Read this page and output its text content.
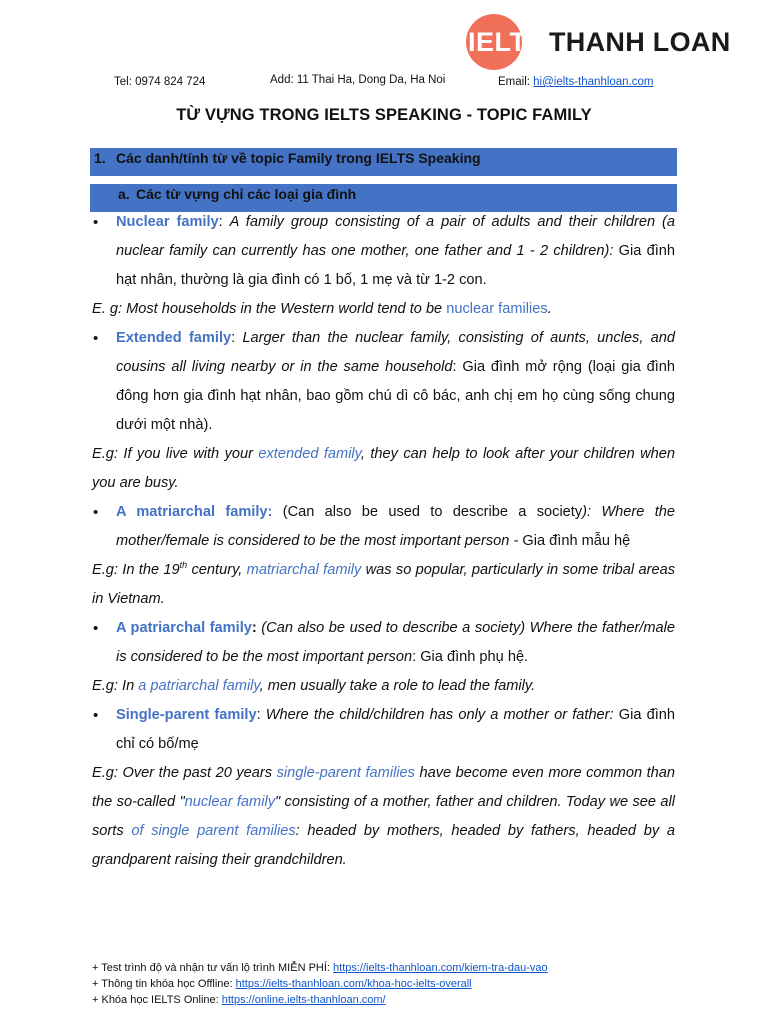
IELTS THANH LOAN
Tel: 0974 824 724	Add: 11 Thai Ha, Dong Da, Ha Noi	Email: hi@ielts-thanhloan.com
TỪ VỰNG TRONG IELTS SPEAKING - TOPIC FAMILY
1. Các danh/tính từ về topic Family trong IELTS Speaking
a. Các từ vựng chỉ các loại gia đình

• Nuclear family: A family group consisting of a pair of adults and their children (a nuclear family can currently has one mother, one father and 1 - 2 children): Gia đình hạt nhân, thường là gia đình có 1 bố, 1 mẹ và từ 1-2 con.

E. g: Most households in the Western world tend to be nuclear families.

• Extended family: Larger than the nuclear family, consisting of aunts, uncles, and cousins all living nearby or in the same household: Gia đình mở rộng (loại gia đình đông hơn gia đình hạt nhân, bao gồm chú dì cô bác, anh chị em họ cùng sống chung dưới một nhà).

E.g: If you live with your extended family, they can help to look after your children when you are busy.

• A matriarchal family: (Can also be used to describe a society): Where the mother/female is considered to be the most important person - Gia đình mẫu hệ

E.g: In the 19th century, matriarchal family was so popular, particularly in some tribal areas in Vietnam.

• A patriarchal family: (Can also be used to describe a society) Where the father/male is considered to be the most important person: Gia đình phụ hệ.

E.g: In a patriarchal family, men usually take a role to lead the family.

• Single-parent family: Where the child/children has only a mother or father: Gia đình chỉ có bố/mẹ

E.g: Over the past 20 years single-parent families have become even more common than the so-called "nuclear family" consisting of a mother, father and children. Today we see all sorts of single parent families: headed by mothers, headed by fathers, headed by a grandparent raising their grandchildren.

+ Test trình độ và nhận tư vấn lộ trình MIỄN PHÍ: https://ielts-thanhloan.com/kiem-tra-dau-vao
+ Thông tin khóa học Offline: https://ielts-thanhloan.com/khoa-hoc-ielts-overall
+ Khóa học IELTS Online: https://online.ielts-thanhloan.com/
